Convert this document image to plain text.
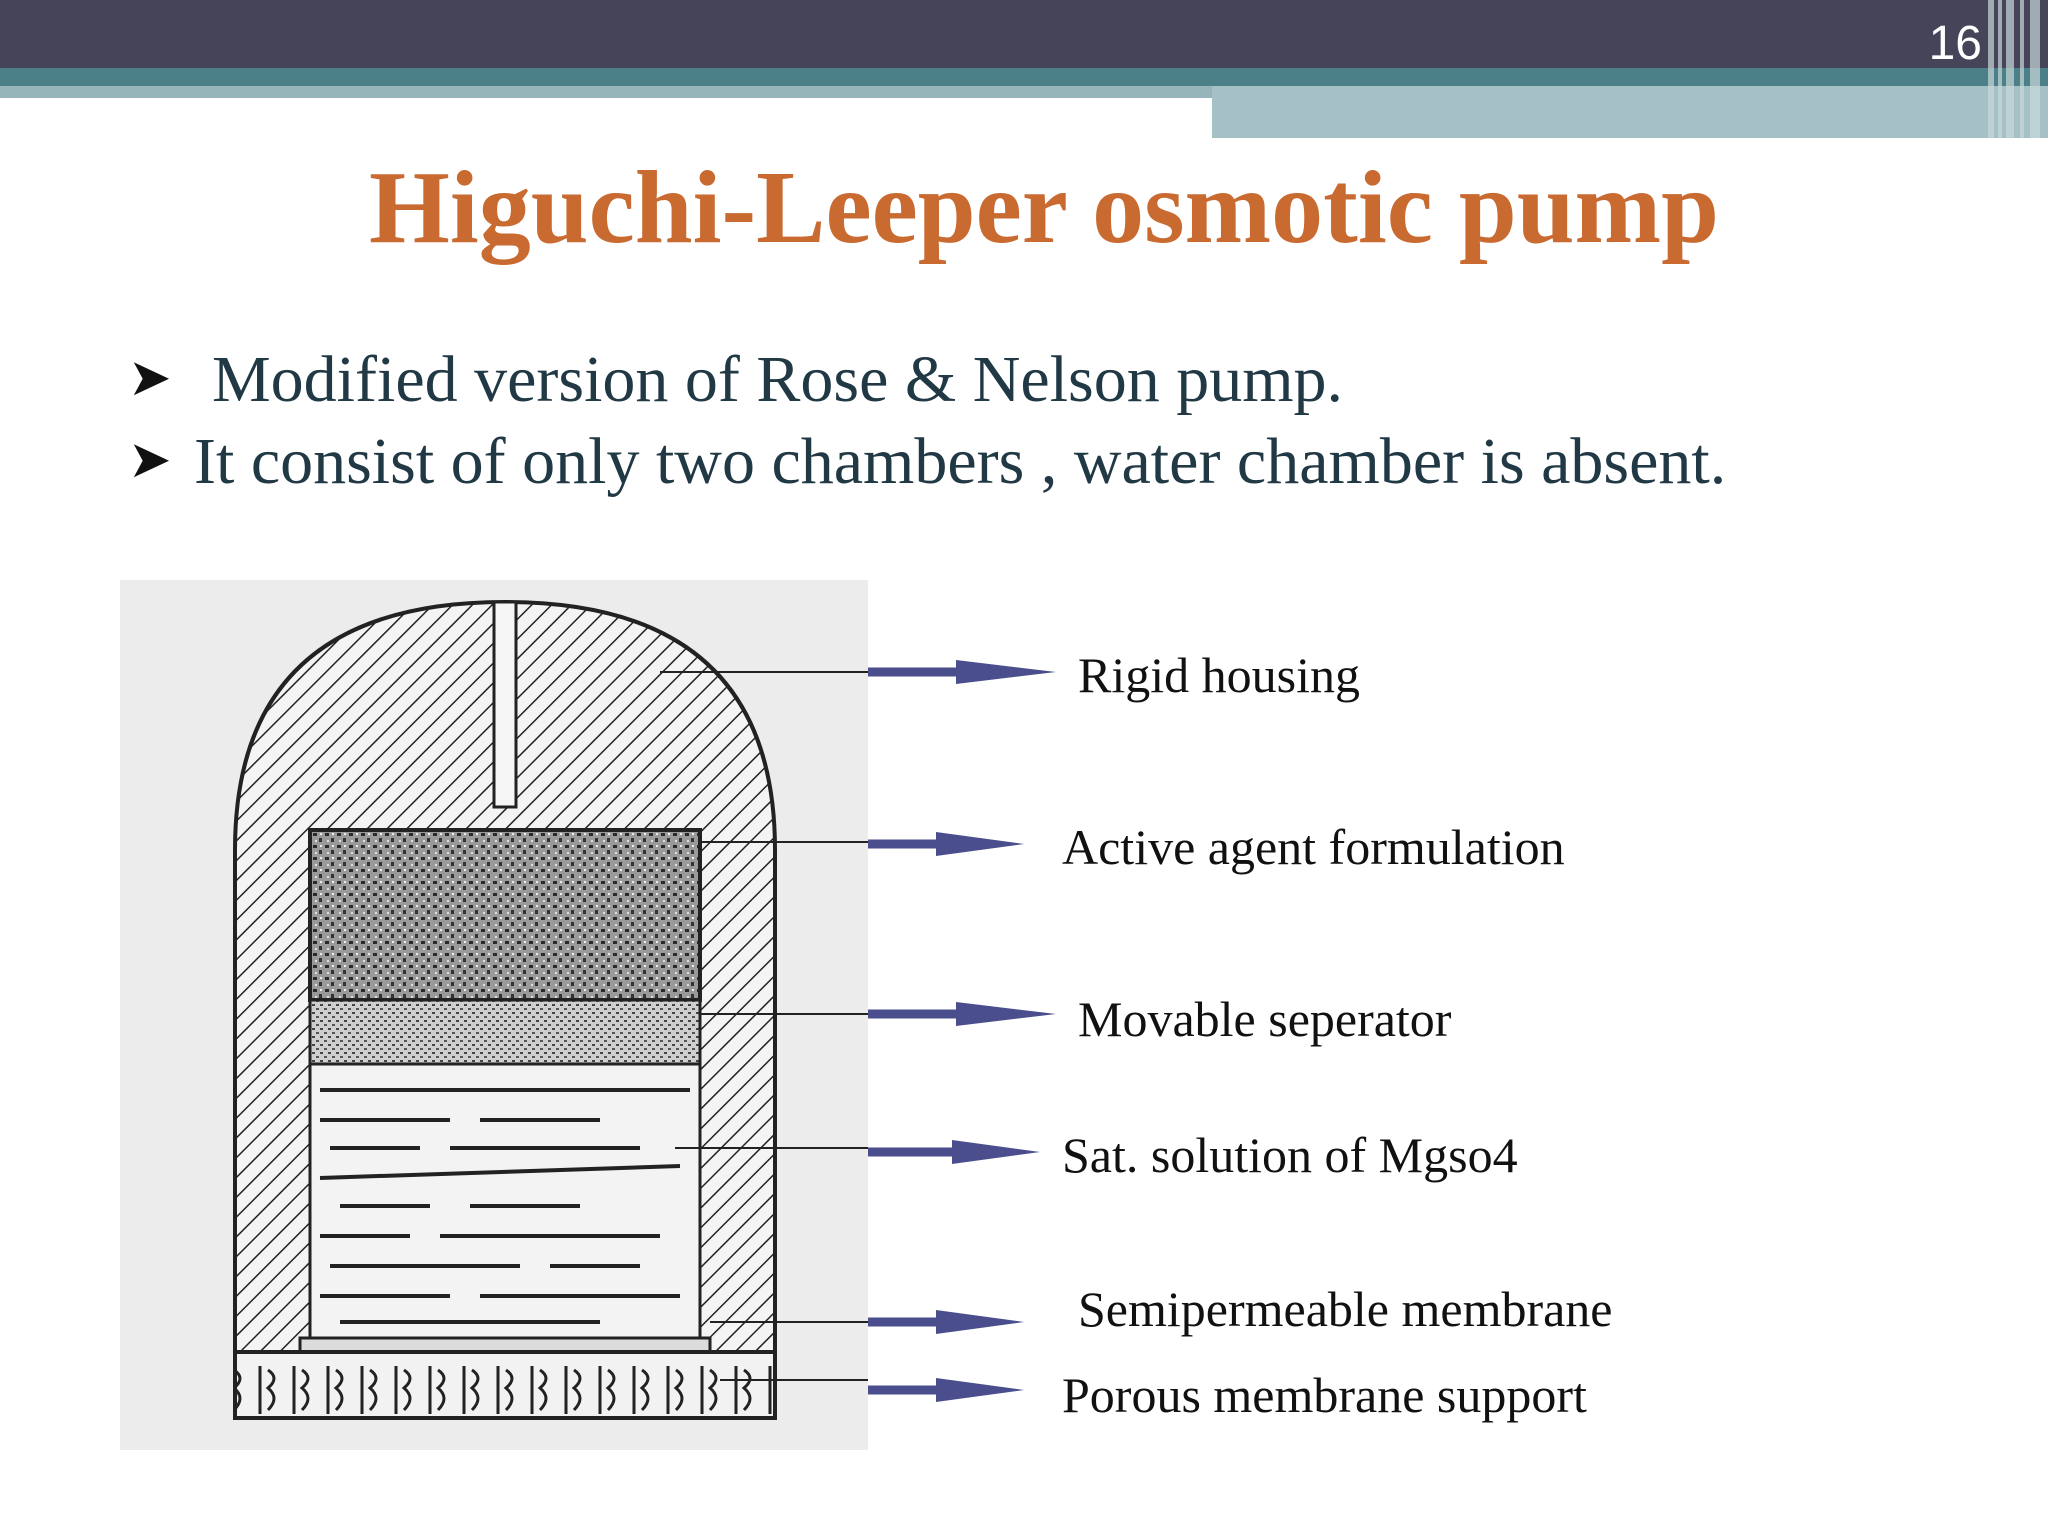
16
Higuchi-Leeper osmotic pump
➤ Modified version of Rose & Nelson pump.
➤ It consist of only two chambers , water chamber is absent.
Rigid housing
Active agent formulation
Movable seperator
Sat. solution of Mgso4
Semipermeable membrane
Porous membrane support
